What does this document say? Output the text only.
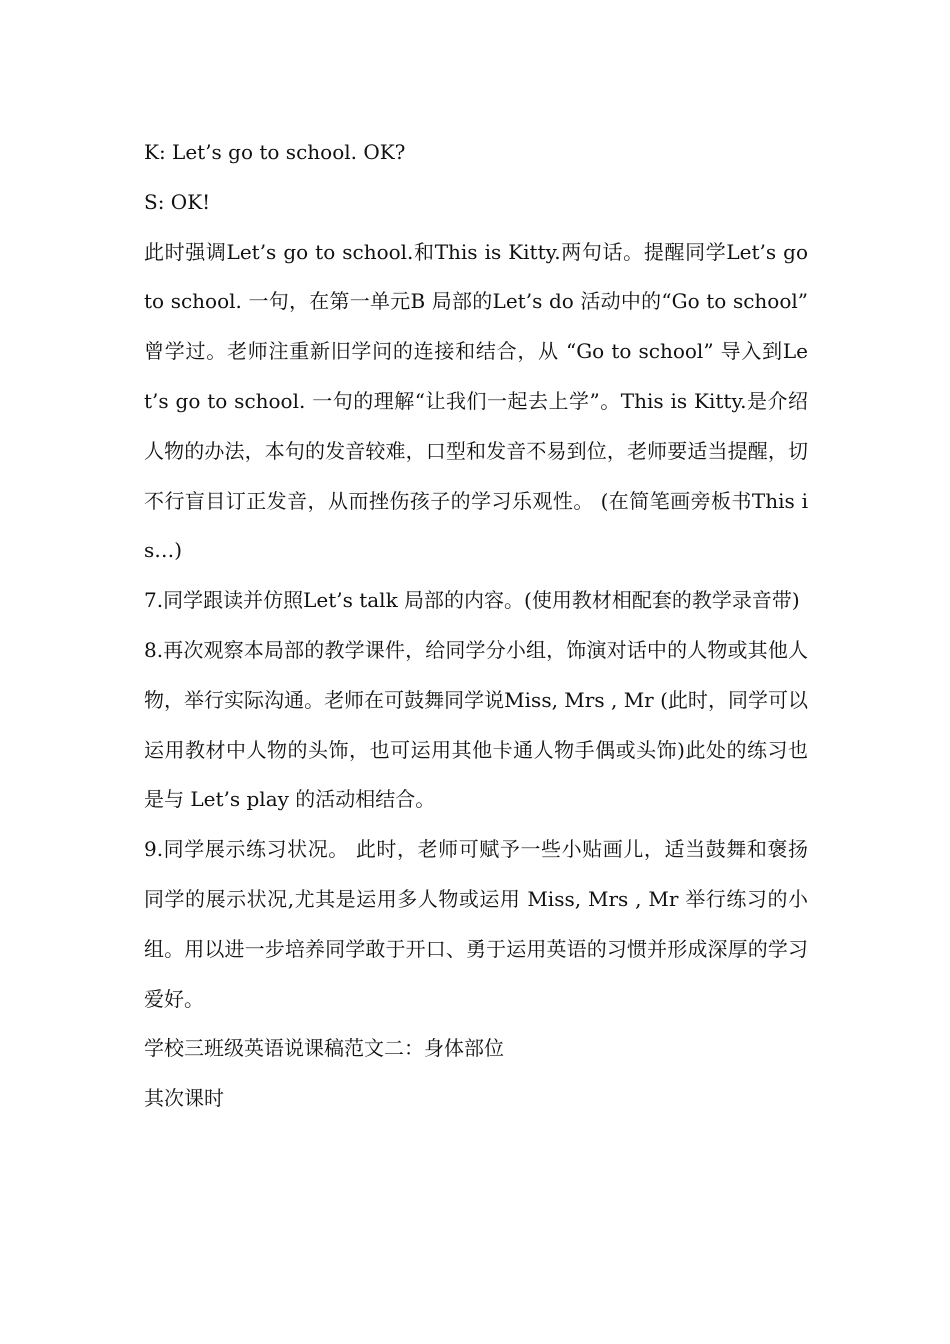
K: Let’s go to school. OK?

S: OK!

此时强调Let’s go to school.和This is Kitty.两句话。提醒同学Let’s go to school. 一句，在第一单元B 局部的Let’s do 活动中的“Go to school” 曾学过。老师注重新旧学问的连接和结合，从 “Go to school” 导入到Let’s go to school. 一句的理解“让我们一起去上学”。This is Kitty.是介绍人物的办法，本句的发音较难，口型和发音不易到位，老师要适当提醒，切不行盲目订正发音，从而挫伤孩子的学习乐观性。 (在简笔画旁板书This is…)

7.同学跟读并仿照Let’s talk 局部的内容。(使用教材相配套的教学录音带)

8.再次观察本局部的教学课件，给同学分小组，饰演对话中的人物或其他人物，举行实际沟通。老师在可鼓舞同学说Miss, Mrs , Mr (此时，同学可以运用教材中人物的头饰，也可运用其他卡通人物手偶或头饰)此处的练习也是与 Let’s play 的活动相结合。

9.同学展示练习状况。 此时，老师可赋予一些小贴画儿，适当鼓舞和褒扬同学的展示状况,尤其是运用多人物或运用 Miss, Mrs , Mr 举行练习的小组。用以进一步培养同学敢于开口、勇于运用英语的习惯并形成深厚的学习爱好。

学校三班级英语说课稿范文二：身体部位

其次课时
